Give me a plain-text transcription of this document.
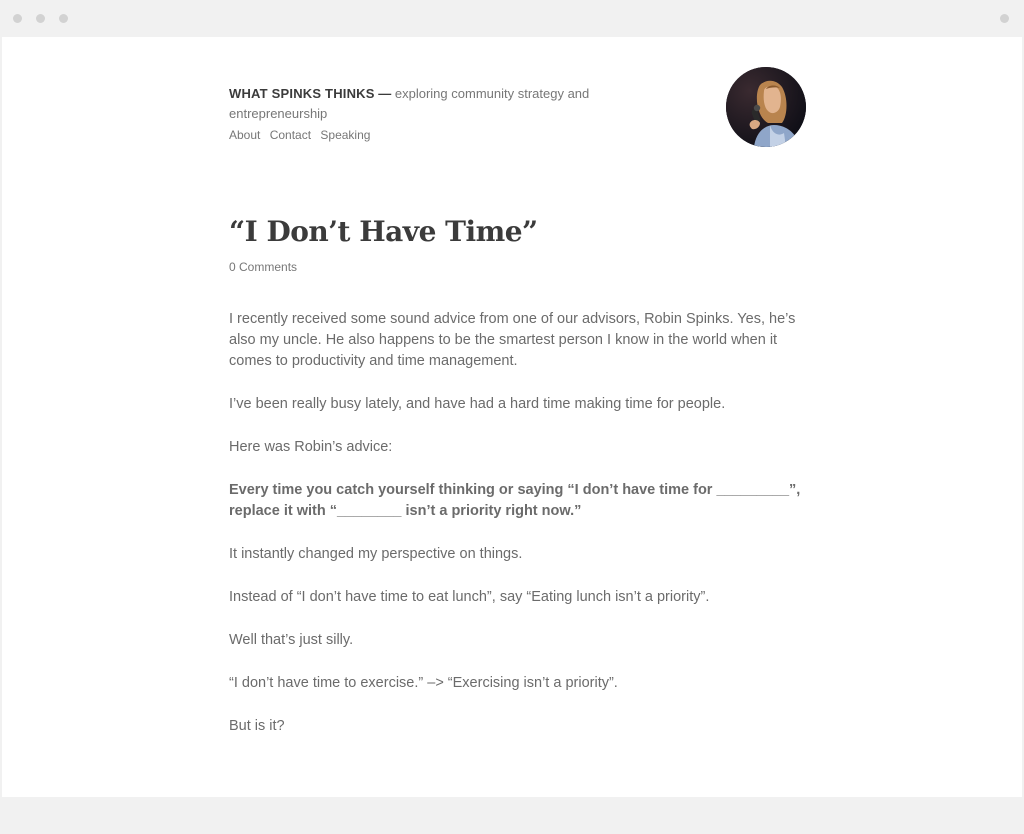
WHAT SPINKS THINKS — exploring community strategy and entrepreneurship
About Contact Speaking
“I Don’t Have Time”
0 Comments

I recently received some sound advice from one of our advisors, Robin Spinks. Yes, he’s also my uncle. He also happens to be the smartest person I know in the world when it comes to productivity and time management.

I’ve been really busy lately, and have had a hard time making time for people.

Here was Robin’s advice:

Every time you catch yourself thinking or saying “I don’t have time for _________”, replace it with “________ isn’t a priority right now.”

It instantly changed my perspective on things.

Instead of “I don’t have time to eat lunch”, say “Eating lunch isn’t a priority”.

Well that’s just silly.

“I don’t have time to exercise.” –> “Exercising isn’t a priority”.

But is it?
